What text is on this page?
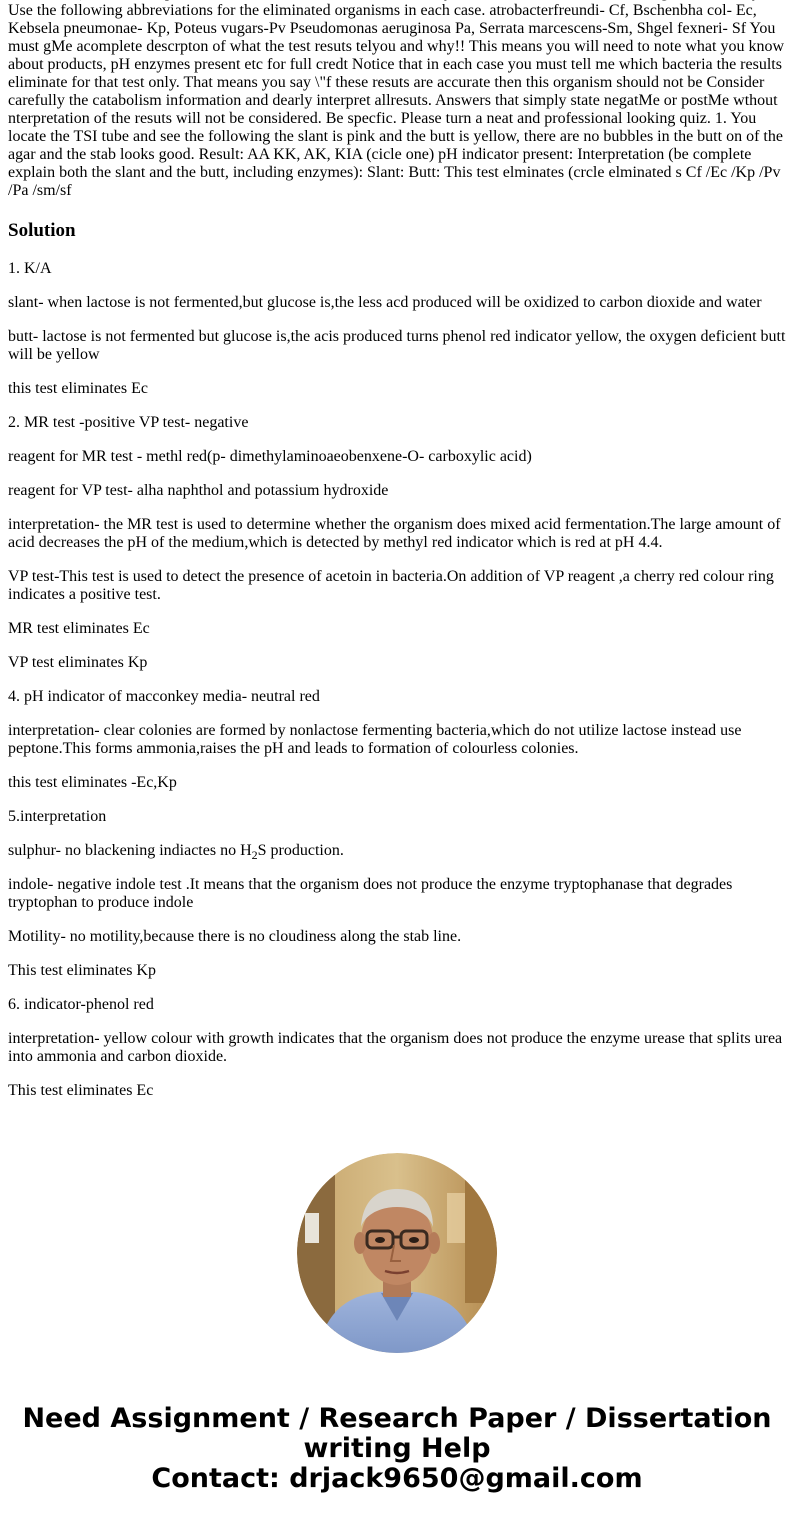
Use the following abbreviations for the eliminated organisms in each case. atrobacterfreundi- Cf, Bschenbha col- Ec, Kebsela pneumonae- Kp, Poteus vugars-Pv Pseudomonas aeruginosa Pa, Serrata marcescens-Sm, Shgel fexneri- Sf You must gMe acomplete descrpton of what the test resuts telyou and why!! This means you will need to note what you know about products, pH enzymes present etc for full credt Notice that in each case you must tell me which bacteria the results eliminate for that test only. That means you say \"f these resuts are accurate then this organism should not be Consider carefully the catabolism information and dearly interpret allresuts. Answers that simply state negatMe or postMe wthout nterpretation of the resuts will not be considered. Be specfic. Please turn a neat and professional looking quiz. 1. You locate the TSI tube and see the following the slant is pink and the butt is yellow, there are no bubbles in the butt on of the agar and the stab looks good. Result: AA KK, AK, KIA (cicle one) pH indicator present: Interpretation (be complete explain both the slant and the butt, including enzymes): Slant: Butt: This test elminates (crcle elminated s Cf /Ec /Kp /Pv /Pa /sm/sf
Solution

1. K/A

slant- when lactose is not fermented,but glucose is,the less acd produced will be oxidized to carbon dioxide and water

butt- lactose is not fermented but glucose is,the acis produced turns phenol red indicator yellow, the oxygen deficient butt will be yellow

this test eliminates Ec

2. MR test -positive VP test- negative

reagent for MR test - methl red(p- dimethylaminoaeobenxene-O- carboxylic acid)

reagent for VP test- alha naphthol and potassium hydroxide

interpretation- the MR test is used to determine whether the organism does mixed acid fermentation.The large amount of acid decreases the pH of the medium,which is detected by methyl red indicator which is red at pH 4.4.

VP test-This test is used to detect the presence of acetoin in bacteria.On addition of VP reagent ,a cherry red colour ring indicates a positive test.

MR test eliminates Ec

VP test eliminates Kp

4. pH indicator of macconkey media- neutral red

interpretation- clear colonies are formed by nonlactose fermenting bacteria,which do not utilize lactose instead use peptone.This forms ammonia,raises the pH and leads to formation of colourless colonies.

this test eliminates -Ec,Kp

5.interpretation

sulphur- no blackening indiactes no $H_2S$ production.

indole- negative indole test .It means that the organism does not produce the enzyme tryptophanase that degrades tryptophan to produce indole

Motility- no motility,because there is no cloudiness along the stab line.

This test eliminates Kp

6. indicator-phenol red

interpretation- yellow colour with growth indicates that the organism does not produce the enzyme urease that splits urea into ammonia and carbon dioxide.

This test eliminates Ec

Need Assignment / Research Paper / Dissertation
writing Help
Contact: drjack9650@gmail.com
